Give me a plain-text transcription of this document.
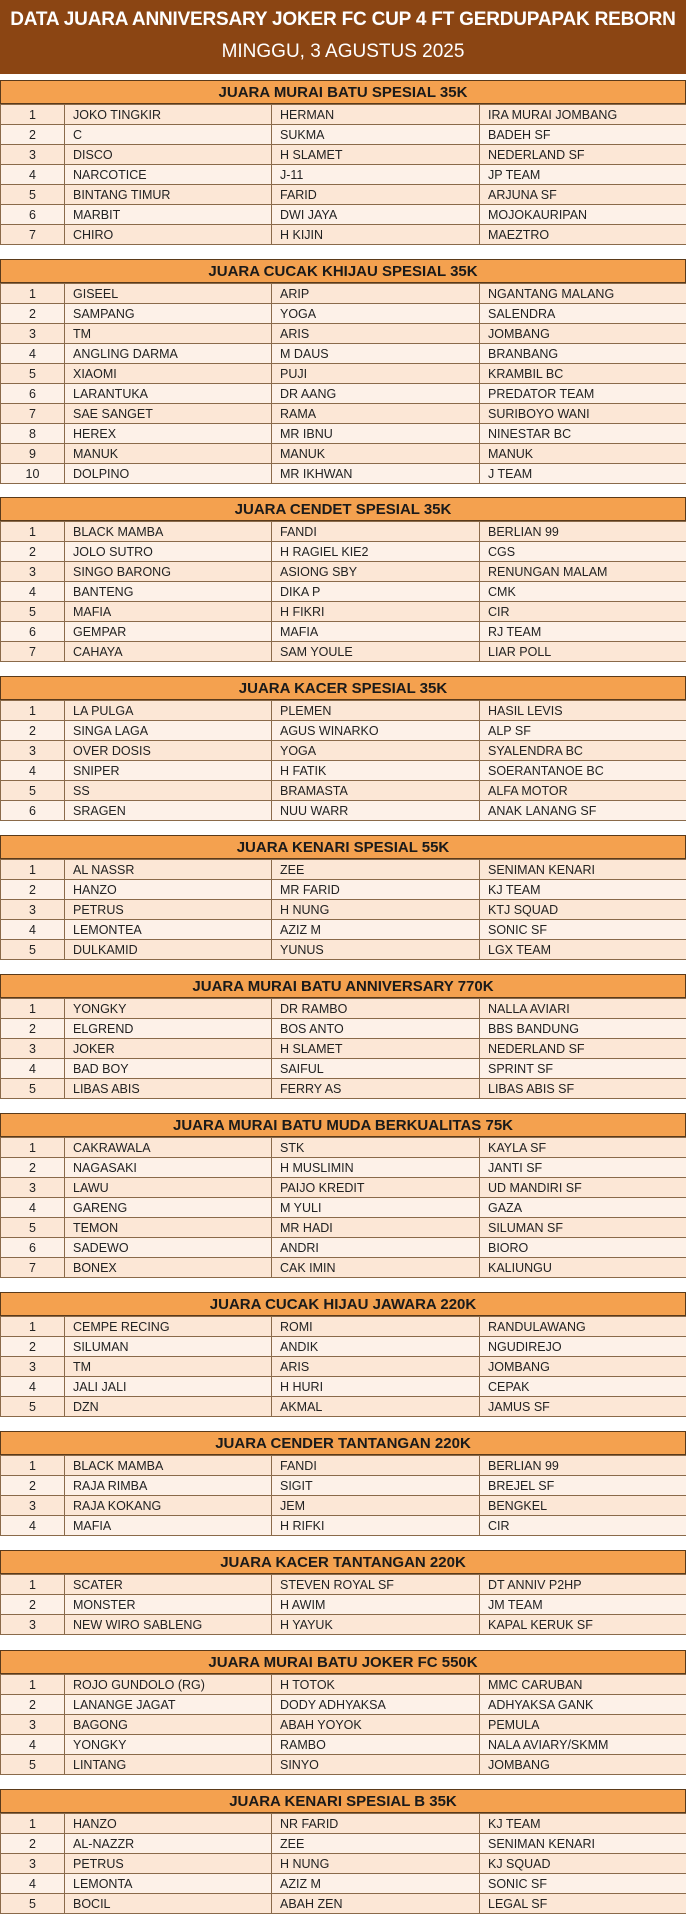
DATA JUARA ANNIVERSARY JOKER FC CUP 4 FT GERDUPAPAK REBORN
MINGGU, 3 AGUSTUS 2025
JUARA MURAI BATU SPESIAL 35K
1	JOKO TINGKIR	HERMAN	IRA MURAI JOMBANG
2	C	SUKMA	BADEH SF
3	DISCO	H SLAMET	NEDERLAND SF
4	NARCOTICE	J-11	JP TEAM
5	BINTANG TIMUR	FARID	ARJUNA SF
6	MARBIT	DWI JAYA	MOJOKAURIPAN
7	CHIRO	H KIJIN	MAEZTRO
JUARA CUCAK KHIJAU SPESIAL 35K
1	GISEEL	ARIP	NGANTANG MALANG
2	SAMPANG	YOGA	SALENDRA
3	TM	ARIS	JOMBANG
4	ANGLING DARMA	M DAUS	BRANBANG
5	XIAOMI	PUJI	KRAMBIL BC
6	LARANTUKA	DR AANG	PREDATOR TEAM
7	SAE SANGET	RAMA	SURIBOYO WANI
8	HEREX	MR IBNU	NINESTAR BC
9	MANUK	MANUK	MANUK
10	DOLPINO	MR IKHWAN	J TEAM
JUARA CENDET SPESIAL 35K
1	BLACK MAMBA	FANDI	BERLIAN 99
2	JOLO SUTRO	H RAGIEL KIE2	CGS
3	SINGO BARONG	ASIONG SBY	RENUNGAN MALAM
4	BANTENG	DIKA P	CMK
5	MAFIA	H FIKRI	CIR
6	GEMPAR	MAFIA	RJ TEAM
7	CAHAYA	SAM YOULE	LIAR POLL
JUARA KACER SPESIAL 35K
1	LA PULGA	PLEMEN	HASIL LEVIS
2	SINGA LAGA	AGUS WINARKO	ALP SF
3	OVER DOSIS	YOGA	SYALENDRA BC
4	SNIPER	H FATIK	SOERANTANOE BC
5	SS	BRAMASTA	ALFA MOTOR
6	SRAGEN	NUU WARR	ANAK LANANG SF
JUARA KENARI SPESIAL 55K
1	AL NASSR	ZEE	SENIMAN KENARI
2	HANZO	MR FARID	KJ TEAM
3	PETRUS	H NUNG	KTJ SQUAD
4	LEMONTEA	AZIZ M	SONIC SF
5	DULKAMID	YUNUS	LGX TEAM
JUARA MURAI BATU ANNIVERSARY 770K
1	YONGKY	DR RAMBO	NALLA AVIARI
2	ELGREND	BOS ANTO	BBS BANDUNG
3	JOKER	H SLAMET	NEDERLAND SF
4	BAD BOY	SAIFUL	SPRINT SF
5	LIBAS ABIS	FERRY AS	LIBAS ABIS SF
JUARA MURAI BATU MUDA BERKUALITAS 75K
1	CAKRAWALA	STK	KAYLA SF
2	NAGASAKI	H MUSLIMIN	JANTI SF
3	LAWU	PAIJO KREDIT	UD MANDIRI SF
4	GARENG	M YULI	GAZA
5	TEMON	MR HADI	SILUMAN SF
6	SADEWO	ANDRI	BIORO
7	BONEX	CAK IMIN	KALIUNGU
JUARA CUCAK HIJAU JAWARA 220K
1	CEMPE RECING	ROMI	RANDULAWANG
2	SILUMAN	ANDIK	NGUDIREJO
3	TM	ARIS	JOMBANG
4	JALI JALI	H HURI	CEPAK
5	DZN	AKMAL	JAMUS SF
JUARA CENDER TANTANGAN 220K
1	BLACK MAMBA	FANDI	BERLIAN 99
2	RAJA RIMBA	SIGIT	BREJEL SF
3	RAJA KOKANG	JEM	BENGKEL
4	MAFIA	H RIFKI	CIR
JUARA KACER TANTANGAN 220K
1	SCATER	STEVEN ROYAL SF	DT ANNIV P2HP
2	MONSTER	H AWIM	JM TEAM
3	NEW WIRO SABLENG	H YAYUK	KAPAL KERUK SF
JUARA MURAI BATU JOKER FC 550K
1	ROJO GUNDOLO (RG)	H TOTOK	MMC CARUBAN
2	LANANGE JAGAT	DODY ADHYAKSA	ADHYAKSA GANK
3	BAGONG	ABAH YOYOK	PEMULA
4	YONGKY	RAMBO	NALA AVIARY/SKMM
5	LINTANG	SINYO	JOMBANG
JUARA KENARI SPESIAL B 35K
1	HANZO	NR FARID	KJ TEAM
2	AL-NAZZR	ZEE	SENIMAN KENARI
3	PETRUS	H NUNG	KJ SQUAD
4	LEMONTA	AZIZ M	SONIC SF
5	BOCIL	ABAH ZEN	LEGAL SF
